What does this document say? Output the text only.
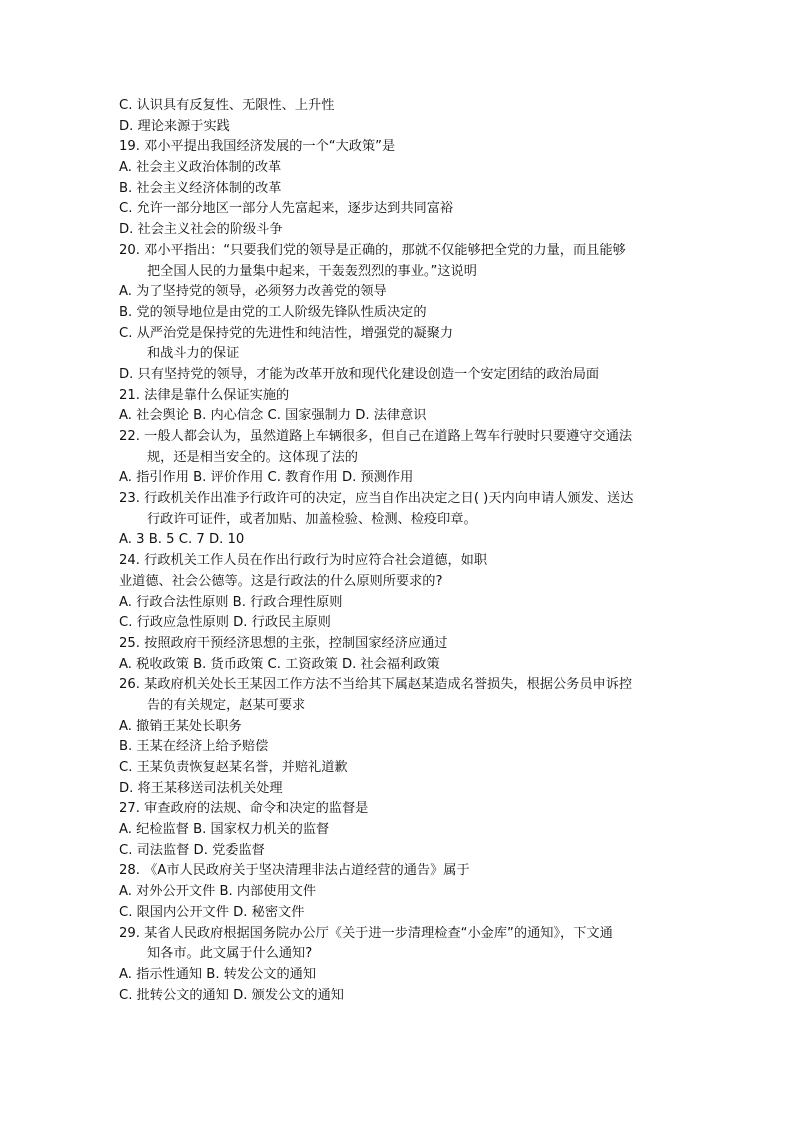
C. 认识具有反复性、无限性、上升性
D. 理论来源于实践
19. 邓小平提出我国经济发展的一个“大政策”是
A. 社会主义政治体制的改革
B. 社会主义经济体制的改革
C. 允许一部分地区一部分人先富起来，逐步达到共同富裕
D. 社会主义社会的阶级斗争
20. 邓小平指出：“只要我们党的领导是正确的，那就不仅能够把全党的力量，而且能够
把全国人民的力量集中起来，干轰轰烈烈的事业。”这说明
A. 为了坚持党的领导，必须努力改善党的领导
B. 党的领导地位是由党的工人阶级先锋队性质决定的
C. 从严治党是保持党的先进性和纯洁性，增强党的凝聚力
和战斗力的保证
D. 只有坚持党的领导，才能为改革开放和现代化建设创造一个安定团结的政治局面
21. 法律是靠什么保证实施的
A. 社会舆论 B. 内心信念 C. 国家强制力 D. 法律意识
22. 一般人都会认为，虽然道路上车辆很多，但自己在道路上驾车行驶时只要遵守交通法
规，还是相当安全的。这体现了法的
A. 指引作用 B. 评价作用 C. 教育作用 D. 预测作用
23. 行政机关作出准予行政许可的决定，应当自作出决定之日( )天内向申请人颁发、送达
行政许可证件，或者加贴、加盖检验、检测、检疫印章。
A. 3 B. 5 C. 7 D. 10
24. 行政机关工作人员在作出行政行为时应符合社会道德，如职
业道德、社会公德等。这是行政法的什么原则所要求的?
A. 行政合法性原则 B. 行政合理性原则
C. 行政应急性原则 D. 行政民主原则
25. 按照政府干预经济思想的主张，控制国家经济应通过
A. 税收政策 B. 货币政策 C. 工资政策 D. 社会福利政策
26. 某政府机关处长王某因工作方法不当给其下属赵某造成名誉损失，根据公务员申诉控
告的有关规定，赵某可要求
A. 撤销王某处长职务
B. 王某在经济上给予赔偿
C. 王某负责恢复赵某名誉，并赔礼道歉
D. 将王某移送司法机关处理
27. 审查政府的法规、命令和决定的监督是
A. 纪检监督 B. 国家权力机关的监督
C. 司法监督 D. 党委监督
28. 《A市人民政府关于坚决清理非法占道经营的通告》属于
A. 对外公开文件 B. 内部使用文件
C. 限国内公开文件 D. 秘密文件
29. 某省人民政府根据国务院办公厅《关于进一步清理检查“小金库”的通知》，下文通
知各市。此文属于什么通知?
A. 指示性通知 B. 转发公文的通知
C. 批转公文的通知 D. 颁发公文的通知
